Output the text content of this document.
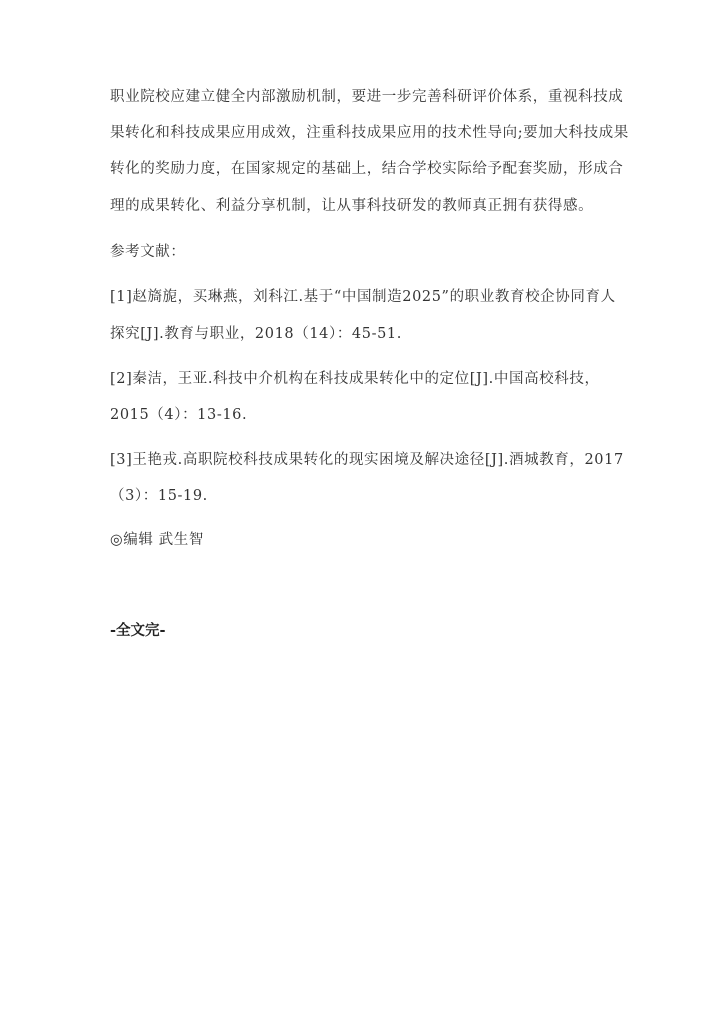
职业院校应建立健全内部激励机制，要进一步完善科研评价体系，重视科技成
果转化和科技成果应用成效，注重科技成果应用的技术性导向;要加大科技成果
转化的奖励力度，在国家规定的基础上，结合学校实际给予配套奖励，形成合
理的成果转化、利益分享机制，让从事科技研发的教师真正拥有获得感。
参考文献：
[1]赵旖旎，买琳燕，刘科江.基于“中国制造2025”的职业教育校企协同育人
探究[J].教育与职业，2018（14）：45-51.
[2]秦洁，王亚.科技中介机构在科技成果转化中的定位[J].中国高校科技，
2015（4）：13-16.
[3]王艳戎.高职院校科技成果转化的现实困境及解决途径[J].酒城教育，2017
（3）：15-19.
◎编辑 武生智
-全文完-
